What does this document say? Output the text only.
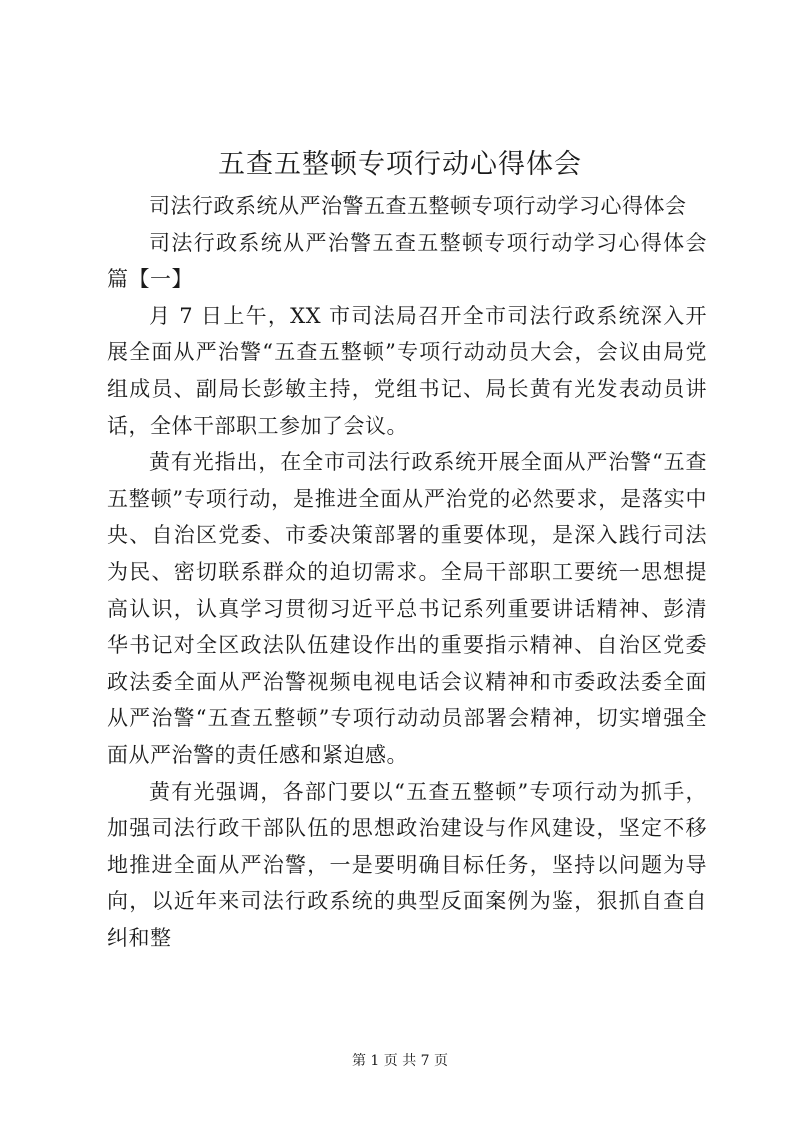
五查五整顿专项行动心得体会

司法行政系统从严治警五查五整顿专项行动学习心得体会

司法行政系统从严治警五查五整顿专项行动学习心得体会篇【一】

月 7 日上午，XX 市司法局召开全市司法行政系统深入开展全面从严治警“五查五整顿”专项行动动员大会，会议由局党组成员、副局长彭敏主持，党组书记、局长黄有光发表动员讲话，全体干部职工参加了会议。

黄有光指出，在全市司法行政系统开展全面从严治警“五查五整顿”专项行动，是推进全面从严治党的必然要求，是落实中央、自治区党委、市委决策部署的重要体现，是深入践行司法为民、密切联系群众的迫切需求。全局干部职工要统一思想提高认识，认真学习贯彻习近平总书记系列重要讲话精神、彭清华书记对全区政法队伍建设作出的重要指示精神、自治区党委政法委全面从严治警视频电视电话会议精神和市委政法委全面从严治警“五查五整顿”专项行动动员部署会精神，切实增强全面从严治警的责任感和紧迫感。

黄有光强调，各部门要以“五查五整顿”专项行动为抓手，加强司法行政干部队伍的思想政治建设与作风建设，坚定不移地推进全面从严治警，一是要明确目标任务，坚持以问题为导向，以近年来司法行政系统的典型反面案例为鉴，狠抓自查自纠和整

第 1 页 共 7 页
